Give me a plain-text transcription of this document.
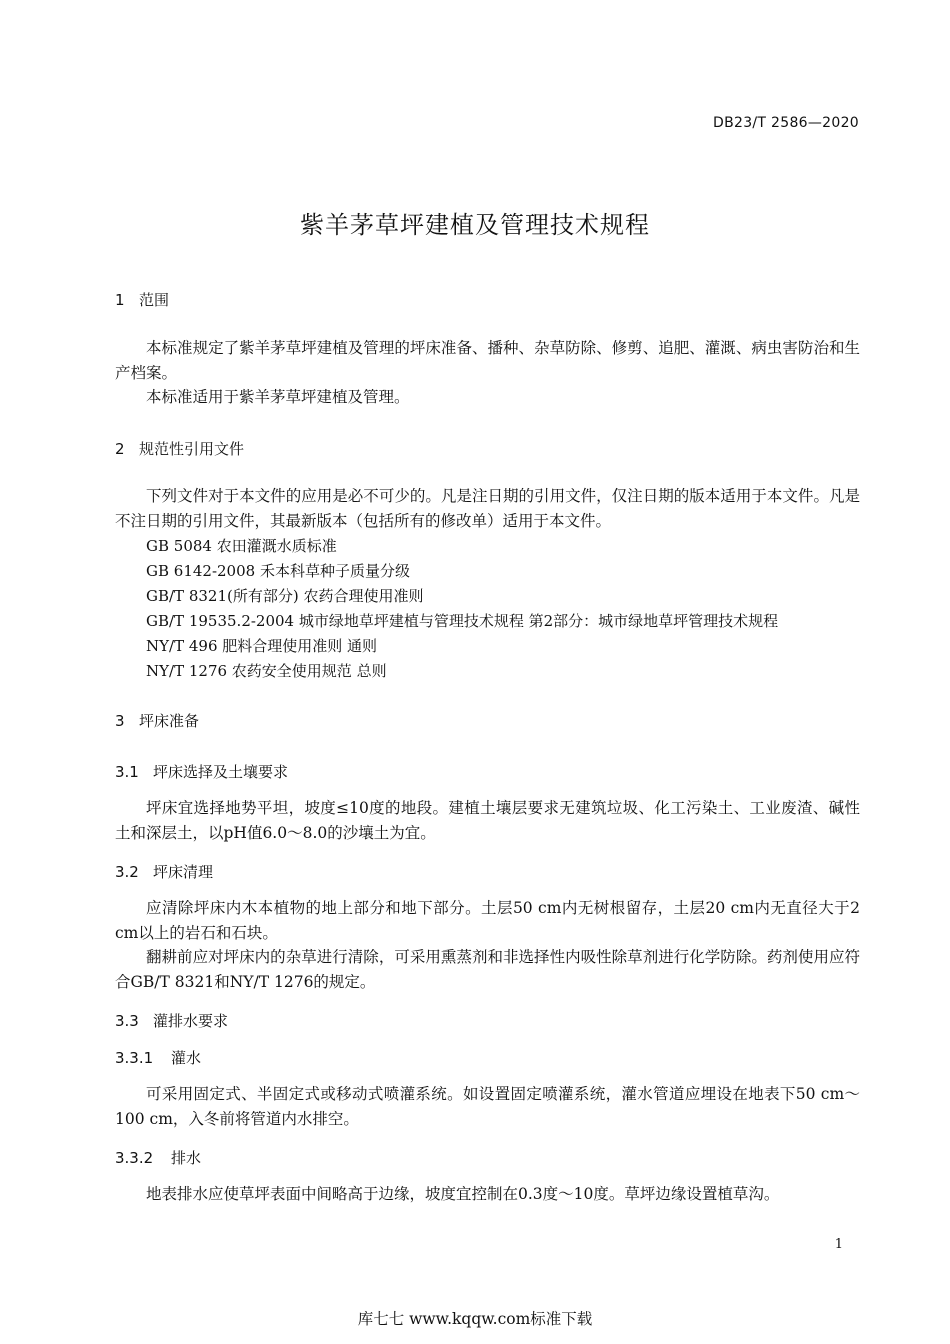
DB23/T 2586—2020
紫羊茅草坪建植及管理技术规程
1 范围
本标准规定了紫羊茅草坪建植及管理的坪床准备、播种、杂草防除、修剪、追肥、灌溉、病虫害防治和生产档案。
本标准适用于紫羊茅草坪建植及管理。
2 规范性引用文件
下列文件对于本文件的应用是必不可少的。凡是注日期的引用文件，仅注日期的版本适用于本文件。凡是不注日期的引用文件，其最新版本（包括所有的修改单）适用于本文件。
GB 5084 农田灌溉水质标准
GB 6142-2008 禾本科草种子质量分级
GB/T 8321(所有部分) 农药合理使用准则
GB/T 19535.2-2004 城市绿地草坪建植与管理技术规程 第2部分：城市绿地草坪管理技术规程
NY/T 496 肥料合理使用准则 通则
NY/T 1276 农药安全使用规范 总则
3 坪床准备
3.1 坪床选择及土壤要求
坪床宜选择地势平坦，坡度≤10度的地段。建植土壤层要求无建筑垃圾、化工污染土、工业废渣、碱性土和深层土，以pH值6.0～8.0的沙壤土为宜。
3.2 坪床清理
应清除坪床内木本植物的地上部分和地下部分。土层50 cm内无树根留存，土层20 cm内无直径大于2 cm以上的岩石和石块。
翻耕前应对坪床内的杂草进行清除，可采用熏蒸剂和非选择性内吸性除草剂进行化学防除。药剂使用应符合GB/T 8321和NY/T 1276的规定。
3.3 灌排水要求
3.3.1 灌水
可采用固定式、半固定式或移动式喷灌系统。如设置固定喷灌系统，灌水管道应埋设在地表下50 cm～100 cm，入冬前将管道内水排空。
3.3.2 排水
地表排水应使草坪表面中间略高于边缘，坡度宜控制在0.3度～10度。草坪边缘设置植草沟。
1
库七七 www.kqqw.com标准下载
